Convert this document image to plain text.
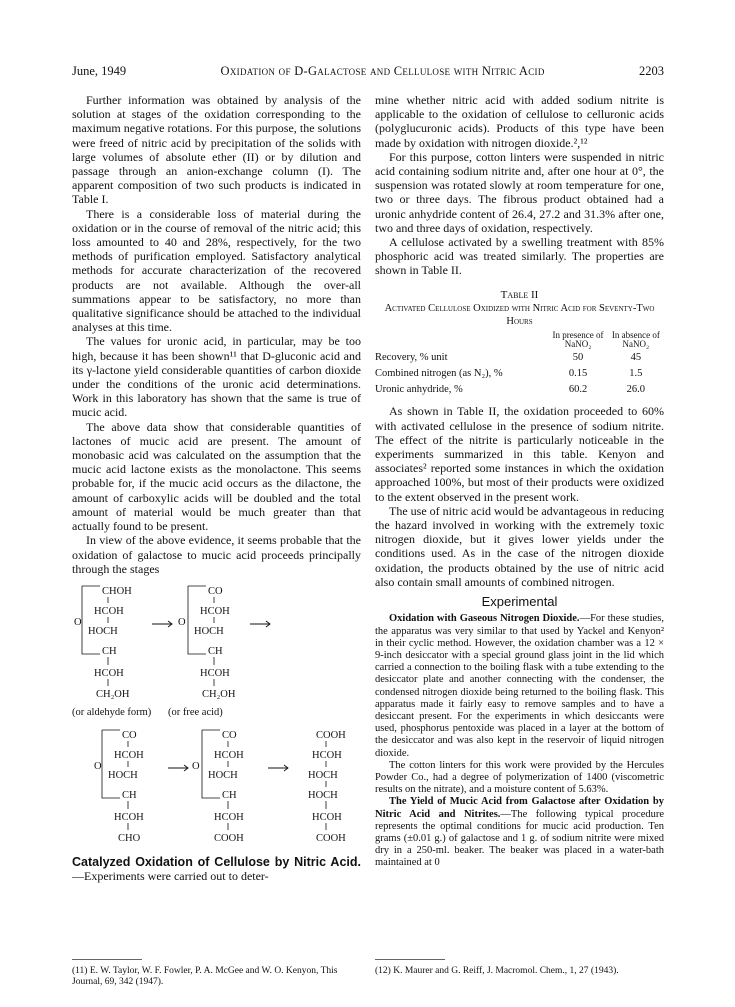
June, 1949	Oxidation of D-Galactose and Cellulose with Nitric Acid	2203

Further information was obtained by analysis of the solution at stages of the oxidation corresponding to the maximum negative rotations. For this purpose, the solutions were freed of nitric acid by precipitation of the solids with large volumes of absolute ether (II) or by dilution and passage through an anion-exchange column (I). The apparent composition of two such products is indicated in Table I.

There is a considerable loss of material during the oxidation or in the course of removal of the nitric acid; this loss amounted to 40 and 28%, respectively, for the two methods of purification employed. Satisfactory analytical methods for accurate characterization of the recovered products are not available. Although the over-all summations appear to be satisfactory, no more than qualitative significance should be attached to the individual analyses at this time.

The values for uronic acid, in particular, may be too high, because it has been shown¹¹ that D-gluconic acid and its γ-lactone yield considerable quantities of carbon dioxide under the conditions of the uronic acid determinations. Work in this laboratory has shown that the same is true of mucic acid.

The above data show that considerable quantities of lactones of mucic acid are present. The amount of monobasic acid was calculated on the assumption that the mucic acid lactone exists as the monolactone. This seems probable for, if the mucic acid occurs as the dilactone, the amount of carboxylic acids will be doubled and the total amount of material would be much greater than that actually found to be present.

In view of the above evidence, it seems probable that the oxidation of galactose to mucic acid proceeds principally through the stages

CHOH
HCOH
HOCH
CH
HCOH
CH₂OH
O
CO
HCOH
HOCH
CH
HCOH
CH₂OH
O
(or aldehyde form)	(or free acid)
CO
HCOH
HOCH
CH
HCOH
CHO
O
CO
HCOH
HOCH
CH
HCOH
COOH
O
COOH
HCOH
HOCH
HOCH
HCOH
COOH

Catalyzed Oxidation of Cellulose by Nitric Acid.—Experiments were carried out to deter-

(11) E. W. Taylor, W. F. Fowler, P. A. McGee and W. O. Kenyon, This Journal, 69, 342 (1947).

mine whether nitric acid with added sodium nitrite is applicable to the oxidation of cellulose to celluronic acids (polyglucuronic acids). Products of this type have been made by oxidation with nitrogen dioxide.²,¹²

For this purpose, cotton linters were suspended in nitric acid containing sodium nitrite and, after one hour at 0°, the suspension was rotated slowly at room temperature for one, two or three days. The fibrous product obtained had a uronic anhydride content of 26.4, 27.2 and 31.3% after one, two and three days of oxidation, respectively.

A cellulose activated by a swelling treatment with 85% phosphoric acid was treated similarly. The properties are shown in Table II.

Table II
Activated Cellulose Oxidized with Nitric Acid for Seventy-Two Hours
	In presence of NaNO₂	In absence of NaNO₂
Recovery, % unit	50	45
Combined nitrogen (as N₂), %	0.15	1.5
Uronic anhydride, %	60.2	26.0

As shown in Table II, the oxidation proceeded to 60% with activated cellulose in the presence of sodium nitrite. The effect of the nitrite is particularly noticeable in the experiments summarized in this table. Kenyon and associates² reported some instances in which the oxidation approached 100%, but most of their products were oxidized to the extent observed in the present work.

The use of nitric acid would be advantageous in reducing the hazard involved in working with the extremely toxic nitrogen dioxide, but it gives lower yields under the conditions used. As in the case of the nitrogen dioxide oxidation, the products obtained by the use of nitric acid also contain small amounts of combined nitrogen.

Experimental

Oxidation with Gaseous Nitrogen Dioxide.—For these studies, the apparatus was very similar to that used by Yackel and Kenyon² in their cyclic method. However, the oxidation chamber was a 12 × 9-inch desiccator with a special ground glass joint in the lid which carried a connection to the boiling flask with a tube extending to the desiccator plate and another connecting with the condenser, the condensed nitrogen dioxide being returned to the boiling flask. This apparatus made it fairly easy to remove samples and to have a desiccant present. For the experiments in which desiccants were used, phosphorus pentoxide was placed in a layer at the bottom of the desiccator and was also kept in the reservoir of liquid nitrogen dioxide.

The cotton linters for this work were provided by the Hercules Powder Co., had a degree of polymerization of 1400 (viscometric results on the nitrate), and a moisture content of 5.63%.

The Yield of Mucic Acid from Galactose after Oxidation by Nitric Acid and Nitrites.—The following typical procedure represents the optimal conditions for mucic acid production. Ten grams (±0.01 g.) of galactose and 1 g. of sodium nitrite were mixed dry in a 250-ml. beaker. The beaker was placed in a water-bath maintained at 0

(12) K. Maurer and G. Reiff, J. Macromol. Chem., 1, 27 (1943).
